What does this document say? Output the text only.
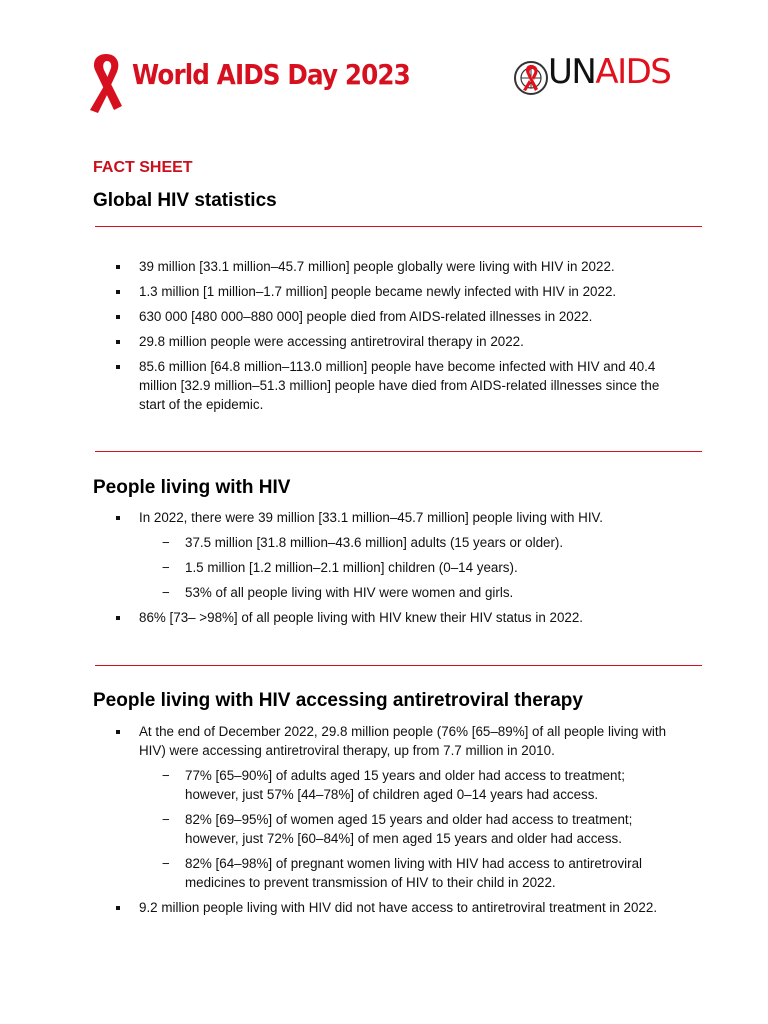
World AIDS Day 2023	UNAIDS
FACT SHEET
Global HIV statistics
39 million [33.1 million–45.7 million] people globally were living with HIV in 2022.
1.3 million [1 million–1.7 million] people became newly infected with HIV in 2022.
630 000 [480 000–880 000] people died from AIDS-related illnesses in 2022.
29.8 million people were accessing antiretroviral therapy in 2022.
85.6 million [64.8 million–113.0 million] people have become infected with HIV and 40.4 million [32.9 million–51.3 million] people have died from AIDS-related illnesses since the start of the epidemic.
People living with HIV
In 2022, there were 39 million [33.1 million–45.7 million] people living with HIV.
− 37.5 million [31.8 million–43.6 million] adults (15 years or older).
− 1.5 million [1.2 million–2.1 million] children (0–14 years).
− 53% of all people living with HIV were women and girls.
86% [73– >98%] of all people living with HIV knew their HIV status in 2022.
People living with HIV accessing antiretroviral therapy
At the end of December 2022, 29.8 million people (76% [65–89%] of all people living with HIV) were accessing antiretroviral therapy, up from 7.7 million in 2010.
− 77% [65–90%] of adults aged 15 years and older had access to treatment; however, just 57% [44–78%] of children aged 0–14 years had access.
− 82% [69–95%] of women aged 15 years and older had access to treatment; however, just 72% [60–84%] of men aged 15 years and older had access.
− 82% [64–98%] of pregnant women living with HIV had access to antiretroviral medicines to prevent transmission of HIV to their child in 2022.
9.2 million people living with HIV did not have access to antiretroviral treatment in 2022.
